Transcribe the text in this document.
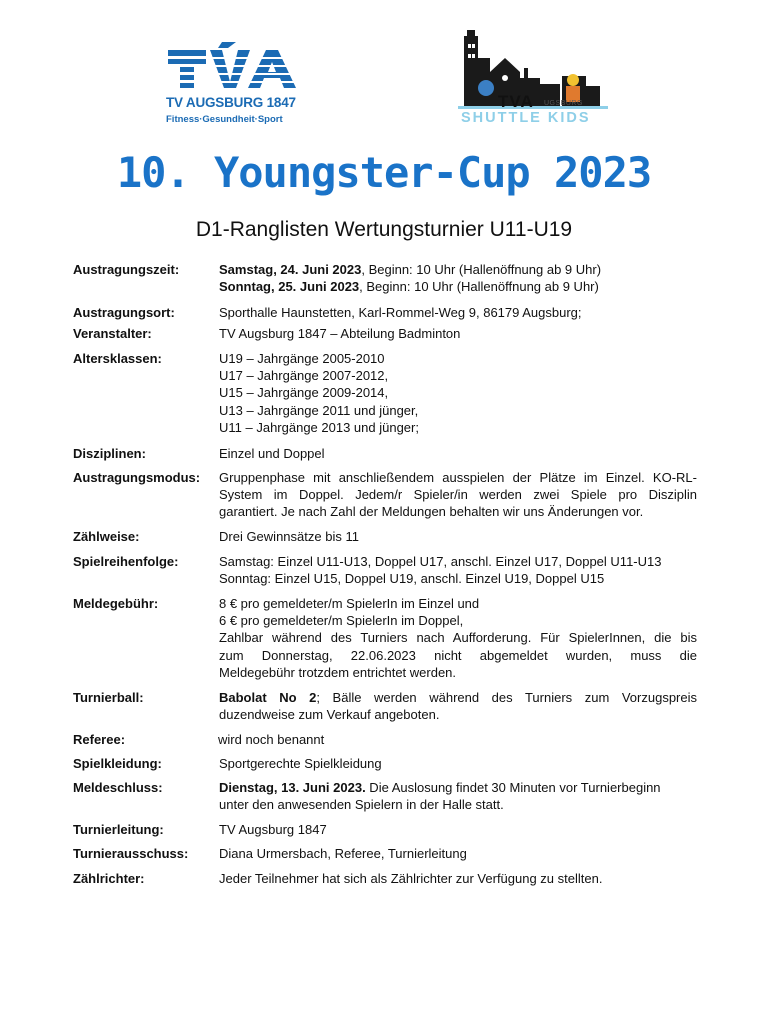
TV AUGSBURG 1847
Fitness·Gesundheit·Sport
TVA UGSBURG
SHUTTLE KIDS
10. Youngster-Cup 2023
D1-Ranglisten Wertungsturnier U11-U19
Austragungszeit:	Samstag, 24. Juni 2023, Beginn: 10 Uhr (Hallenöffnung ab 9 Uhr)
Sonntag, 25. Juni 2023, Beginn: 10 Uhr (Hallenöffnung ab 9 Uhr)
Austragungsort:	Sporthalle Haunstetten, Karl-Rommel-Weg 9, 86179 Augsburg;
Veranstalter:	TV Augsburg 1847 – Abteilung Badminton
Altersklassen:	U19 – Jahrgänge 2005-2010
U17 – Jahrgänge 2007-2012,
U15 – Jahrgänge 2009-2014,
U13 – Jahrgänge 2011 und jünger,
U11 – Jahrgänge 2013 und jünger;
Disziplinen:	Einzel und Doppel
Austragungsmodus:	Gruppenphase mit anschließendem ausspielen der Plätze im Einzel. KO-RL-
System im Doppel. Jedem/r Spieler/in werden zwei Spiele pro Disziplin
garantiert. Je nach Zahl der Meldungen behalten wir uns Änderungen vor.
Zählweise:	Drei Gewinnsätze bis 11
Spielreihenfolge:	Samstag: Einzel U11-U13, Doppel U17, anschl. Einzel U17, Doppel U11-U13
Sonntag: Einzel U15, Doppel U19, anschl. Einzel U19, Doppel U15
Meldegebühr:	8 € pro gemeldeter/m SpielerIn im Einzel und
6 € pro gemeldeter/m SpielerIn im Doppel,
Zahlbar während des Turniers nach Aufforderung. Für SpielerInnen, die bis
zum Donnerstag, 22.06.2023 nicht abgemeldet wurden, muss die
Meldegebühr trotzdem entrichtet werden.
Turnierball:	Babolat No 2; Bälle werden während des Turniers zum Vorzugspreis
duzendweise zum Verkauf angeboten.
Referee:	wird noch benannt
Spielkleidung:	Sportgerechte Spielkleidung
Meldeschluss:	Dienstag, 13. Juni 2023. Die Auslosung findet 30 Minuten vor Turnierbeginn
unter den anwesenden Spielern in der Halle statt.
Turnierleitung:	TV Augsburg 1847
Turnierausschuss:	Diana Urmersbach, Referee, Turnierleitung
Zählrichter:	Jeder Teilnehmer hat sich als Zählrichter zur Verfügung zu stellten.
